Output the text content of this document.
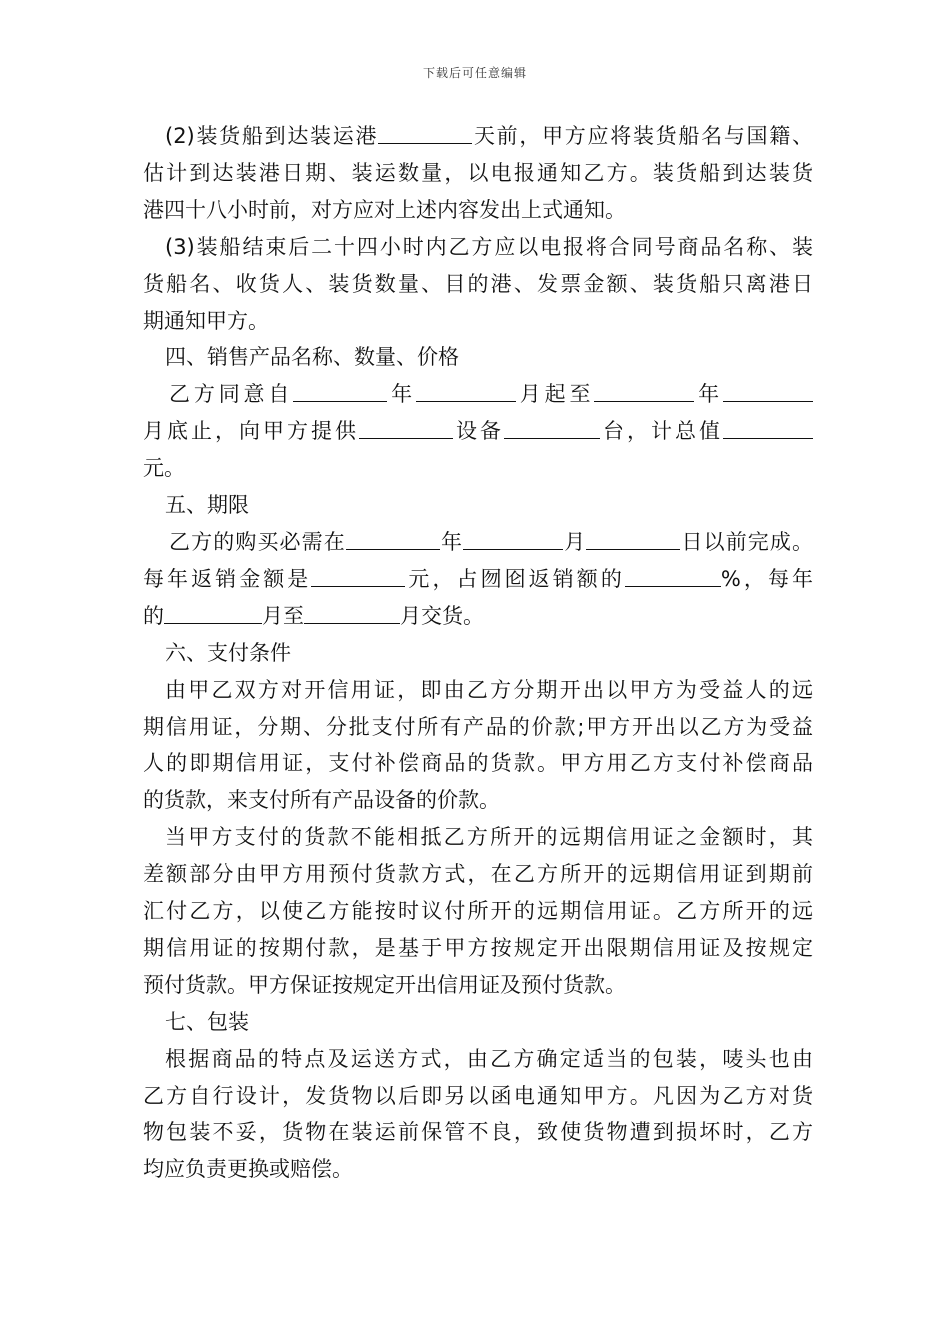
下载后可任意编辑
(2)装货船到达装运港	天前，甲方应将装货船名与国籍、
估计到达装港日期、装运数量，以电报通知乙方。装货船到达装货
港四十八小时前，对方应对上述内容发出上式通知。
(3)装船结束后二十四小时内乙方应以电报将合同号商品名称、装
货船名、收货人、装货数量、目的港、发票金额、装货船只离港日
期通知甲方。
四、销售产品名称、数量、价格
乙方同意自	年	月起至	年
月底止，向甲方提供	设备	台，计总值
元。
五、期限
乙方的购买必需在	年	月	日以前完成。
每年返销金额是	元，占囫囵返销额的	%，每年
的	月至	月交货。
六、支付条件
由甲乙双方对开信用证，即由乙方分期开出以甲方为受益人的远
期信用证，分期、分批支付所有产品的价款;甲方开出以乙方为受益
人的即期信用证，支付补偿商品的货款。甲方用乙方支付补偿商品
的货款，来支付所有产品设备的价款。
当甲方支付的货款不能相抵乙方所开的远期信用证之金额时，其
差额部分由甲方用预付货款方式，在乙方所开的远期信用证到期前
汇付乙方，以使乙方能按时议付所开的远期信用证。乙方所开的远
期信用证的按期付款，是基于甲方按规定开出限期信用证及按规定
预付货款。甲方保证按规定开出信用证及预付货款。
七、包装
根据商品的特点及运送方式，由乙方确定适当的包装，唛头也由
乙方自行设计，发货物以后即另以函电通知甲方。凡因为乙方对货
物包装不妥，货物在装运前保管不良，致使货物遭到损坏时，乙方
均应负责更换或赔偿。
